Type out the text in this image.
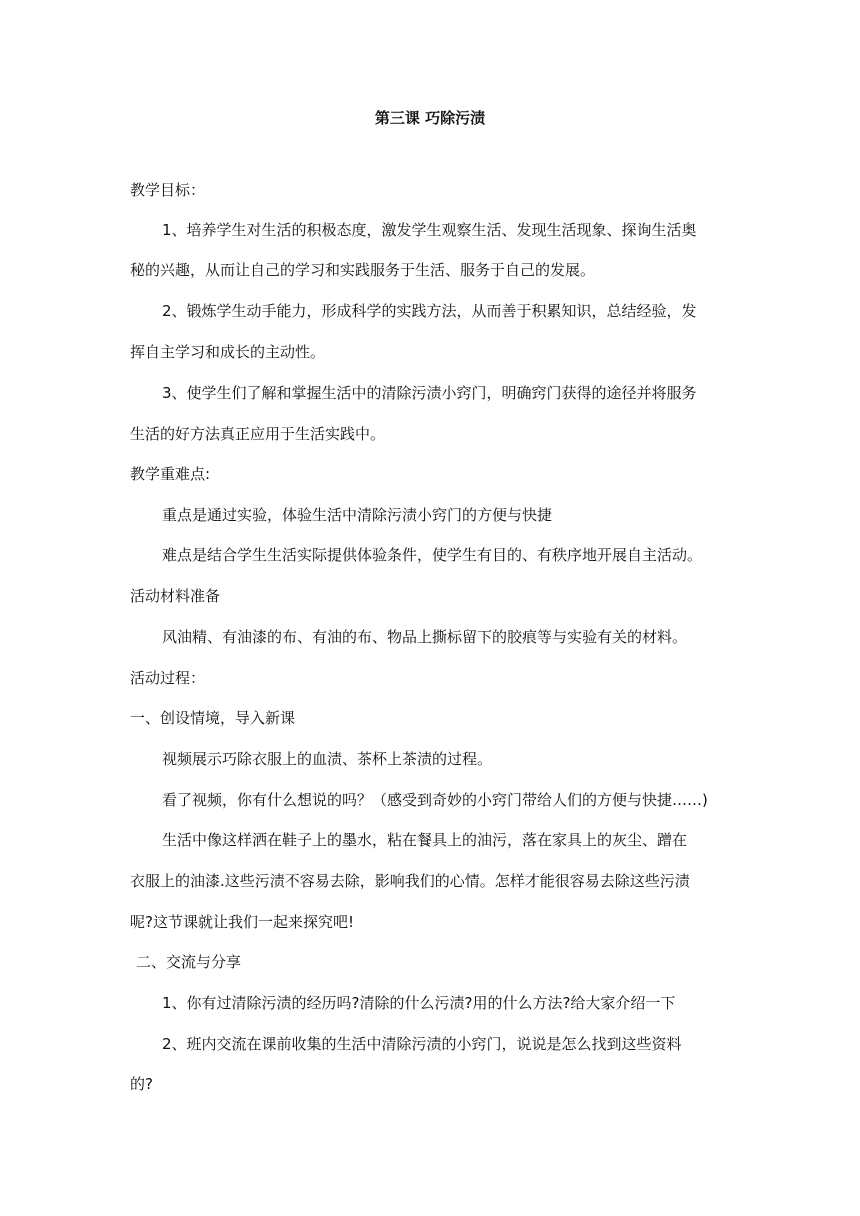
第三课 巧除污渍
教学目标：
1、培养学生对生活的积极态度，激发学生观察生活、发现生活现象、探询生活奥
秘的兴趣，从而让自己的学习和实践服务于生活、服务于自己的发展。
2、锻炼学生动手能力，形成科学的实践方法，从而善于积累知识，总结经验，发
挥自主学习和成长的主动性。
3、使学生们了解和掌握生活中的清除污渍小窍门，明确窍门获得的途径并将服务
生活的好方法真正应用于生活实践中。
教学重难点:
重点是通过实验，体验生活中清除污渍小窍门的方便与快捷
难点是结合学生生活实际提供体验条件，使学生有目的、有秩序地开展自主活动。
活动材料准备
风油精、有油漆的布、有油的布、物品上撕标留下的胶痕等与实验有关的材料。
活动过程：
一、创设情境，导入新课
视频展示巧除衣服上的血渍、茶杯上茶渍的过程。
看了视频，你有什么想说的吗？（感受到奇妙的小窍门带给人们的方便与快捷……)
生活中像这样洒在鞋子上的墨水，粘在餐具上的油污，落在家具上的灰尘、蹭在
衣服上的油漆.这些污渍不容易去除，影响我们的心情。怎样才能很容易去除这些污渍
呢?这节课就让我们一起来探究吧!
二、交流与分享
1、你有过清除污渍的经历吗?清除的什么污渍?用的什么方法?给大家介绍一下
2、班内交流在课前收集的生活中清除污渍的小窍门，说说是怎么找到这些资料
的?
